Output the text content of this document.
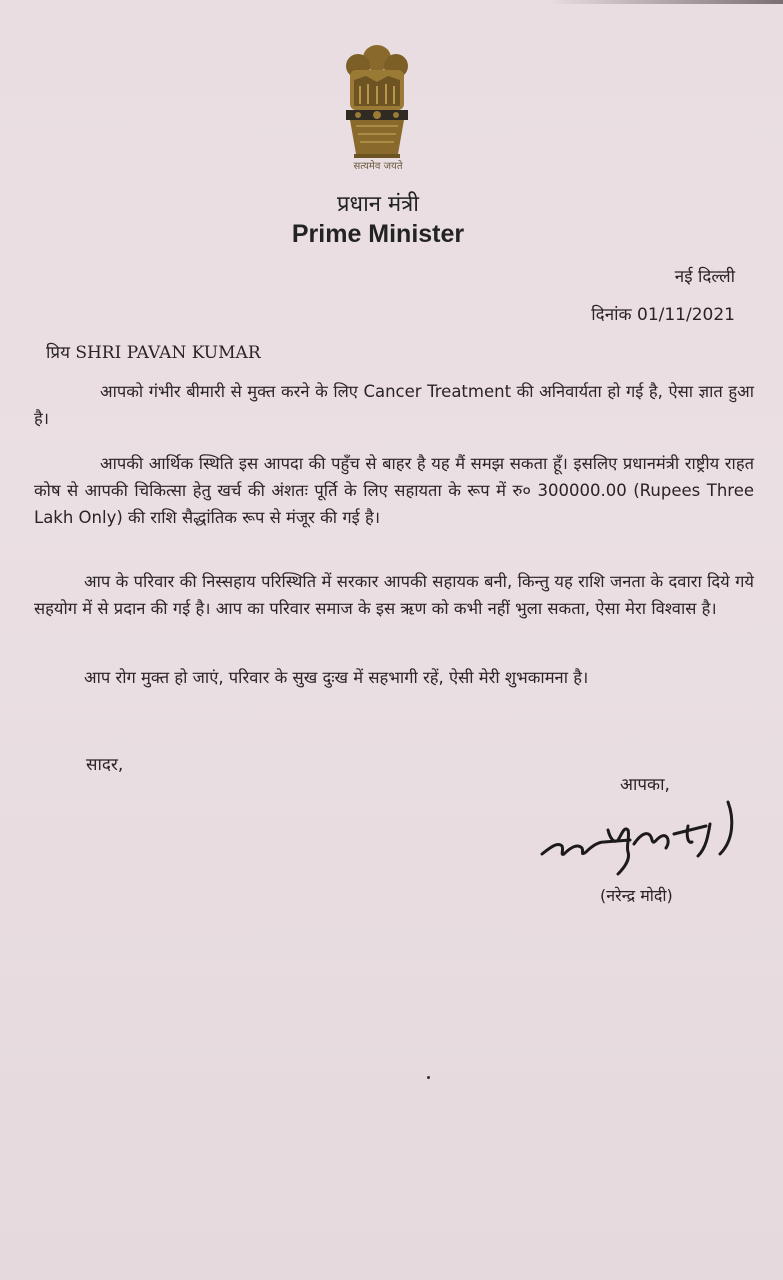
सत्यमेव जयते
प्रधान मंत्री
Prime Minister
नई दिल्ली
दिनांक 01/11/2021
प्रिय SHRI PAVAN KUMAR

आपको गंभीर बीमारी से मुक्त करने के लिए Cancer Treatment की अनिवार्यता हो गई है, ऐसा ज्ञात हुआ है।

आपकी आर्थिक स्थिति इस आपदा की पहुँच से बाहर है यह मैं समझ सकता हूँ। इसलिए प्रधानमंत्री राष्ट्रीय राहत कोष से आपकी चिकित्सा हेतु खर्च की अंशतः पूर्ति के लिए सहायता के रूप में रु० 300000.00 (Rupees Three Lakh Only) की राशि सैद्धांतिक रूप से मंजूर की गई है।

आप के परिवार की निस्सहाय परिस्थिति में सरकार आपकी सहायक बनी, किन्तु यह राशि जनता के दवारा दिये गये सहयोग में से प्रदान की गई है। आप का परिवार समाज के इस ऋण को कभी नहीं भुला सकता, ऐसा मेरा विश्वास है।

आप रोग मुक्त हो जाएं, परिवार के सुख दुःख में सहभागी रहें, ऐसी मेरी शुभकामना है।

सादर,
आपका,
(नरेन्द्र मोदी)
